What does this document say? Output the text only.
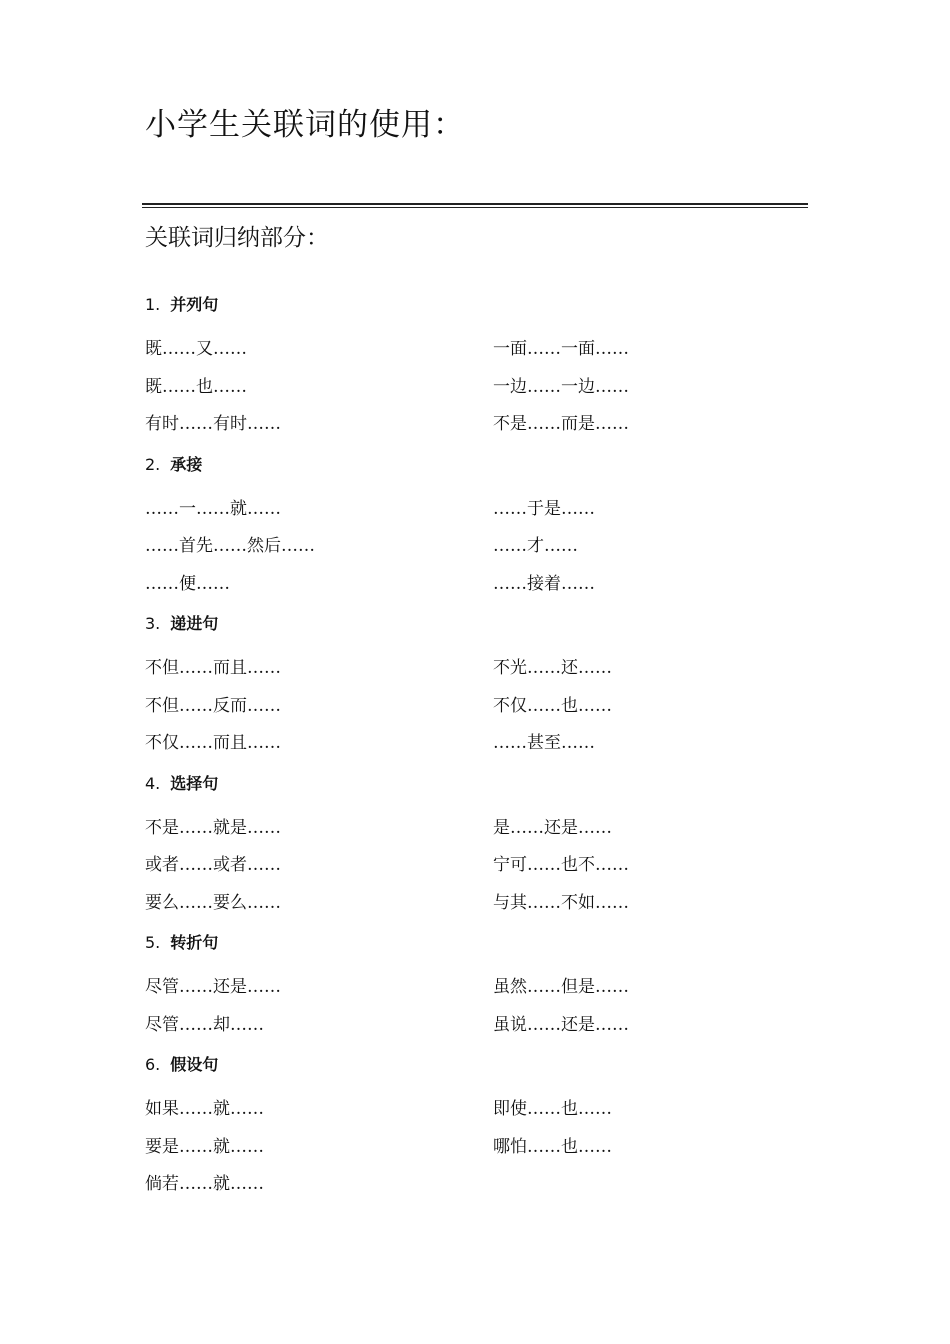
小学生关联词的使用：
关联词归纳部分：
1. 并列句
既……又……	一面……一面……
既……也……	一边……一边……
有时……有时……	不是……而是……
2. 承接
……一……就……	……于是……
……首先……然后……	……才……
……便……	……接着……
3. 递进句
不但……而且……	不光……还……
不但……反而……	不仅……也……
不仅……而且……	……甚至……
4. 选择句
不是……就是……	是……还是……
或者……或者……	宁可……也不……
要么……要么……	与其……不如……
5. 转折句
尽管……还是……	虽然……但是……
尽管……却……	虽说……还是……
6. 假设句
如果……就……	即使……也……
要是……就……	哪怕……也……
倘若……就……
